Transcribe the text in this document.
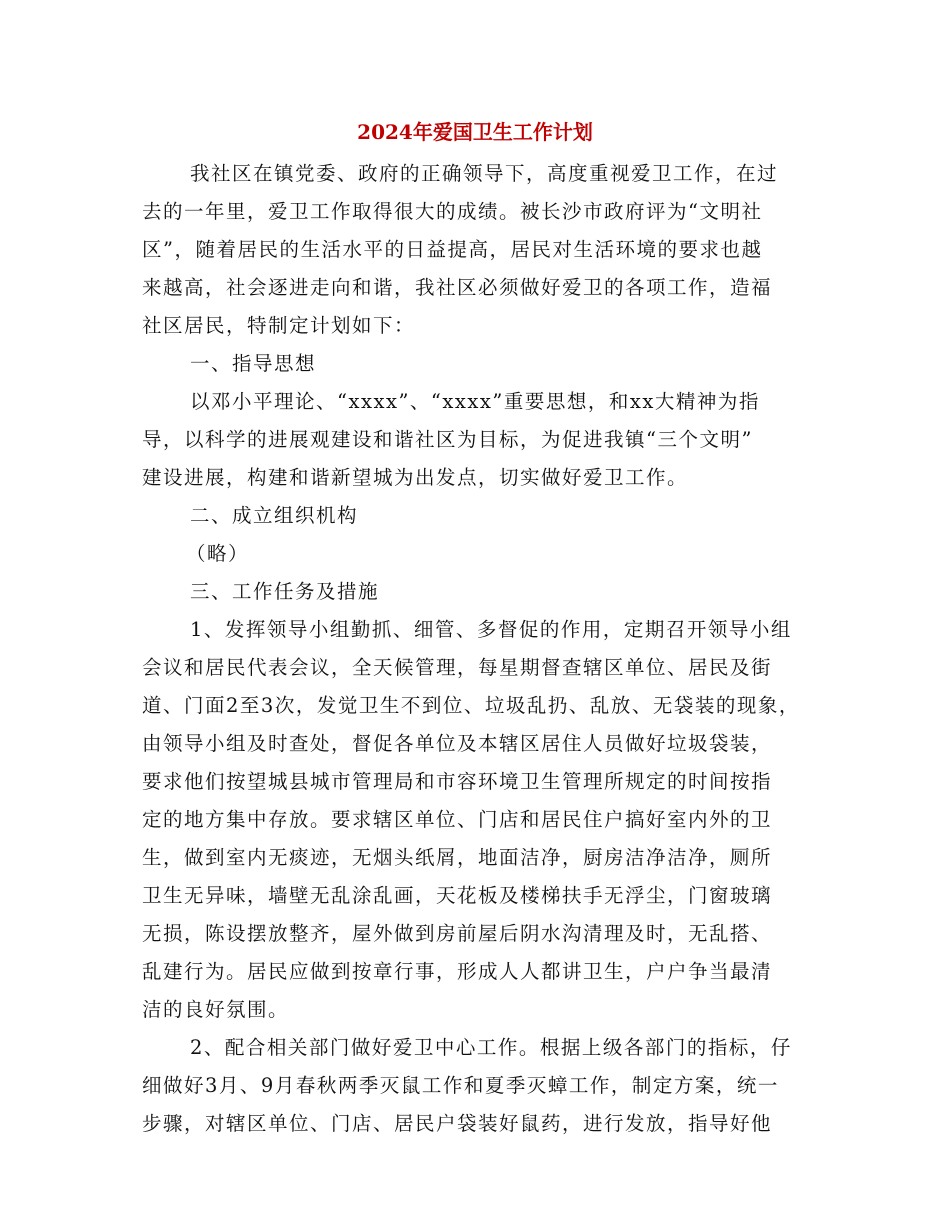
2024年爱国卫生工作计划
我社区在镇党委、政府的正确领导下，高度重视爱卫工作，在过
去的一年里，爱卫工作取得很大的成绩。被长沙市政府评为“文明社
区”，随着居民的生活水平的日益提高，居民对生活环境的要求也越
来越高，社会逐进走向和谐，我社区必须做好爱卫的各项工作，造福
社区居民，特制定计划如下：
一、指导思想
以邓小平理论、“xxxx”、“xxxx”重要思想，和xx大精神为指
导，以科学的进展观建设和谐社区为目标，为促进我镇“三个文明”
建设进展，构建和谐新望城为出发点，切实做好爱卫工作。
二、成立组织机构
（略）
三、工作任务及措施
1、发挥领导小组勤抓、细管、多督促的作用，定期召开领导小组
会议和居民代表会议，全天候管理，每星期督查辖区单位、居民及街
道、门面2至3次，发觉卫生不到位、垃圾乱扔、乱放、无袋装的现象，
由领导小组及时查处，督促各单位及本辖区居住人员做好垃圾袋装，
要求他们按望城县城市管理局和市容环境卫生管理所规定的时间按指
定的地方集中存放。要求辖区单位、门店和居民住户搞好室内外的卫
生，做到室内无痰迹，无烟头纸屑，地面洁净，厨房洁净洁净，厕所
卫生无异味，墙壁无乱涂乱画，天花板及楼梯扶手无浮尘，门窗玻璃
无损，陈设摆放整齐，屋外做到房前屋后阴水沟清理及时，无乱搭、
乱建行为。居民应做到按章行事，形成人人都讲卫生，户户争当最清
洁的良好氛围。
2、配合相关部门做好爱卫中心工作。根据上级各部门的指标，仔
细做好3月、9月春秋两季灭鼠工作和夏季灭蟑工作，制定方案，统一
步骤，对辖区单位、门店、居民户袋装好鼠药，进行发放，指导好他
